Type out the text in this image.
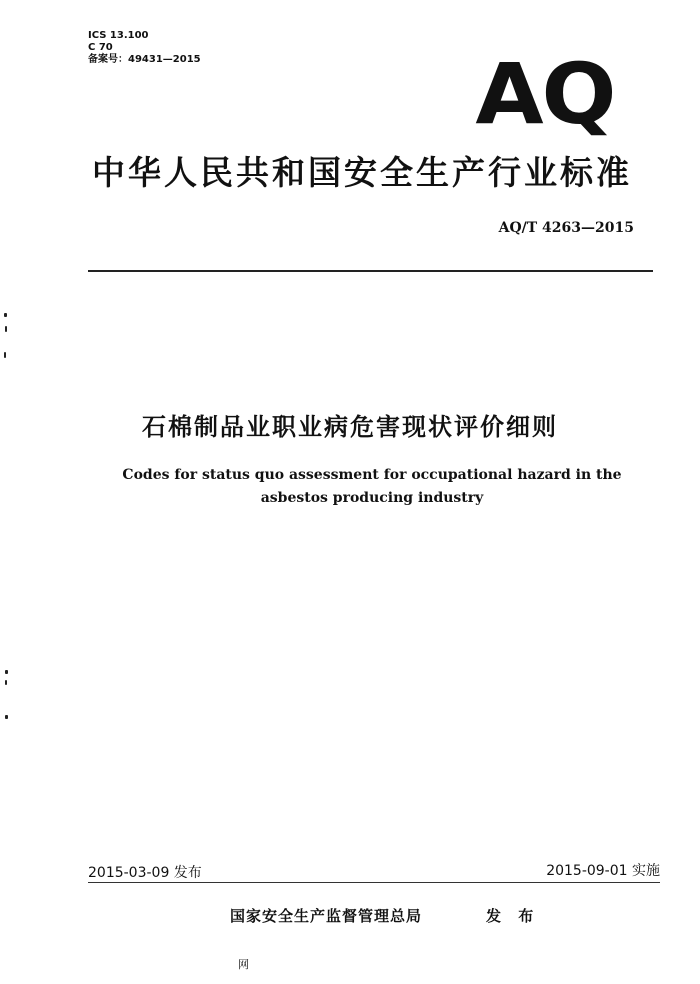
ICS 13.100
C 70
备案号：49431—2015	AQ
中华人民共和国安全生产行业标准
AQ/T 4263—2015
石棉制品业职业病危害现状评价细则
Codes for status quo assessment for occupational hazard in the
asbestos producing industry
2015-03-09 发布	2015-09-01 实施
国家安全生产监督管理总局	发 布
网
